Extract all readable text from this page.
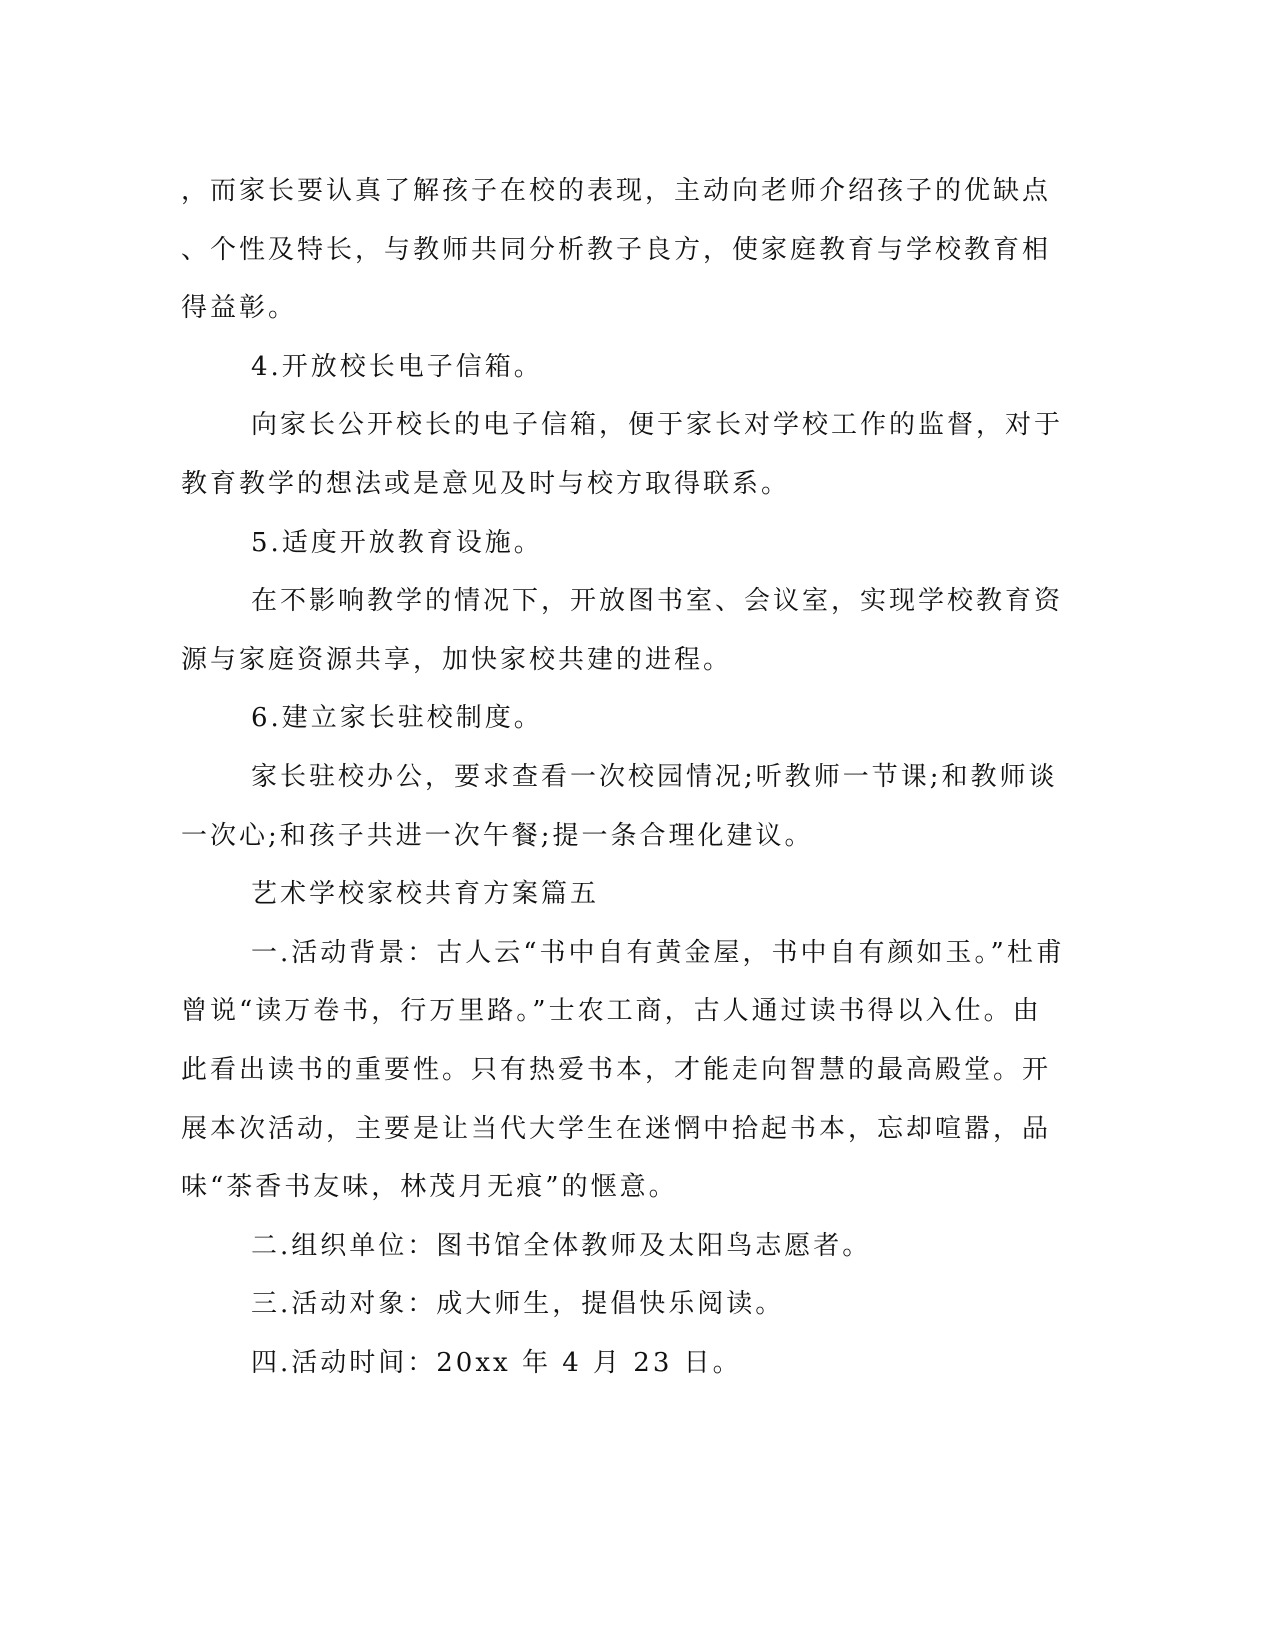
，而家长要认真了解孩子在校的表现，主动向老师介绍孩子的优缺点
、个性及特长，与教师共同分析教子良方，使家庭教育与学校教育相
得益彰。
4.开放校长电子信箱。
向家长公开校长的电子信箱，便于家长对学校工作的监督，对于
教育教学的想法或是意见及时与校方取得联系。
5.适度开放教育设施。
在不影响教学的情况下，开放图书室、会议室，实现学校教育资
源与家庭资源共享，加快家校共建的进程。
6.建立家长驻校制度。
家长驻校办公，要求查看一次校园情况;听教师一节课;和教师谈
一次心;和孩子共进一次午餐;提一条合理化建议。
艺术学校家校共育方案篇五
一.活动背景：古人云“书中自有黄金屋，书中自有颜如玉。”杜甫
曾说“读万卷书，行万里路。”士农工商，古人通过读书得以入仕。由
此看出读书的重要性。只有热爱书本，才能走向智慧的最高殿堂。开
展本次活动，主要是让当代大学生在迷惘中拾起书本，忘却喧嚣，品
味“茶香书友味，林茂月无痕”的惬意。
二.组织单位：图书馆全体教师及太阳鸟志愿者。
三.活动对象：成大师生，提倡快乐阅读。
四.活动时间：20xx 年 4 月 23 日。
